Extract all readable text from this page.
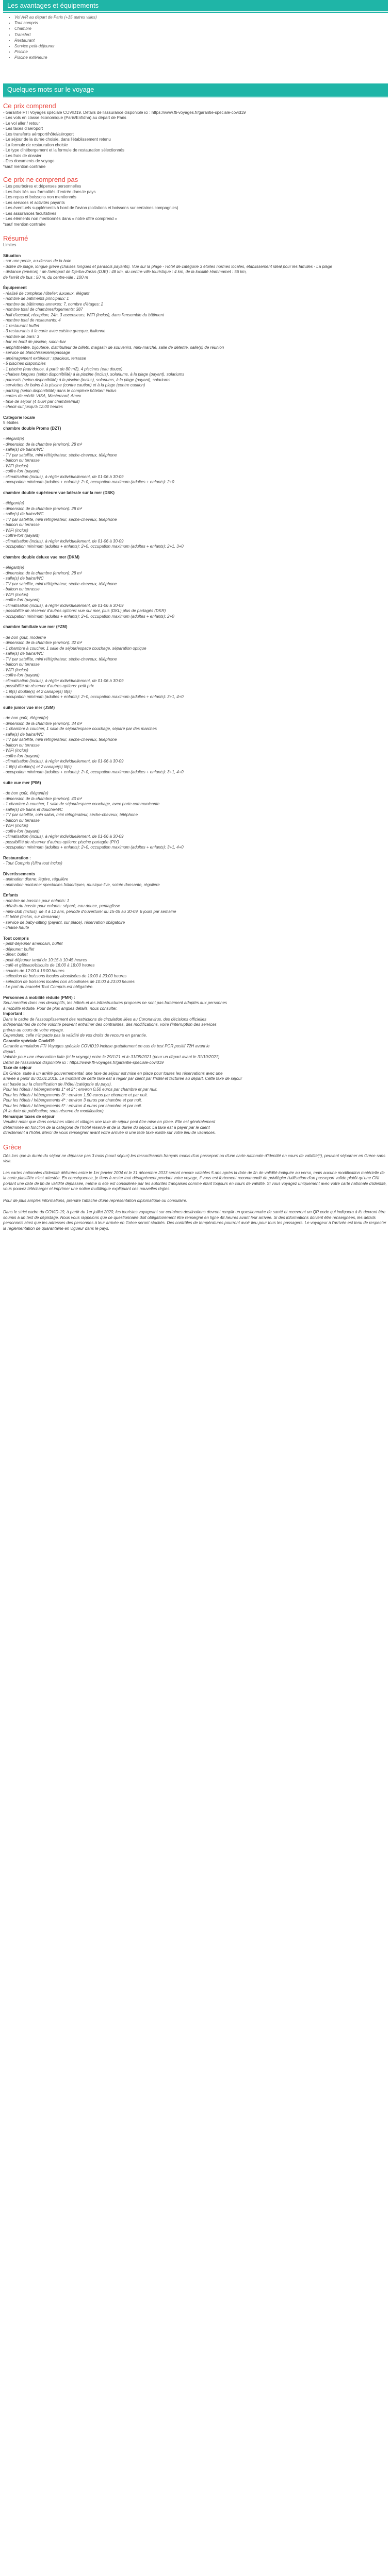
Les avantages et équipements
• Vol A/R au départ de Paris (+15 autres villes)
• Tout compris
• Chambre
• Transfert
• Restaurant
• Service petit-déjeuner
• Piscine
• Piscine extérieure
Quelques mots sur le voyage
Ce prix comprend

- Garantie FTI Voyages spéciale COVID19. Détails de l'assurance disponible ici : https://www.fti-voyages.fr/garantie-speciale-covid19

- Les vols en classe économique (Paris/Enfidha) au départ de Paris

- Le vol aller / retour

- Les taxes d'aéroport

- Les transferts aéroport/hôtel/aéroport

- Le séjour de la durée choisie, dans l'établissement retenu

- La formule de restauration choisie

- Le type d'hébergement et la formule de restauration sélectionnés

- Les frais de dossier

- Des documents de voyage

*sauf mention contraire

Ce prix ne comprend pas

- Les pourboires et dépenses personnelles

- Les frais liés aux formalités d'entrée dans le pays

- Les repas et boissons non mentionnés

- Les services et activités payants

- Les éventuels suppléments à bord de l'avion (collations et boissons sur certaines compagnies)

- Les assurances facultatives

- Les éléments non mentionnés dans « notre offre comprend »

*sauf mention contraire

Résumé

Limites

Situation

- sur une pente, au-dessus de la baie

- dotée de plage, longue grève (chaises longues et parasols payants). Vue sur la plage - Hôtel de catégorie 3 étoiles normes locales, établissement idéal pour les familles - La plage

- distance (environ) : de l'aéroport de Djerba-Zarzis (DJE) : 48 km, du centre-ville touristique : 4 km, de la localité Hammamet : 56 km,

de l'arrêt de bus : 50 m, du centre-ville : 100 m

Équipement

- réalisé de complexe hôtelier: luxueux, élégant

- nombre de bâtiments principaux: 1

- nombre de bâtiments annexes: 7, nombre d'étages: 2

- nombre total de chambres/logements: 387

- hall d'accueil, réception, 24h, 3 ascenseurs, WiFi (inclus), dans l'ensemble du bâtiment

- nombre total de restaurants: 4

- 1 restaurant buffet

- 3 restaurants à la carte avec cuisine grecque, italienne

- nombre de bars: 3

- bar en bord de piscine, salon-bar

- amphithéâtre, bijouterie, distributeur de billets, magasin de souvenirs, mini-marché, salle de détente, salle(s) de réunion

- service de blanchisserie/repassage

- aménagement extérieur : spacieux, terrasse

- 5 piscines disponibles

- 1 piscine (eau douce, à partir de 80 m2), 4 piscines (eau douce)

- chaises longues (selon disponibilité) à la piscine (inclus), solariums, à la plage (payant), solariums

- parasols (selon disponibilité) à la piscine (inclus), solariums, à la plage (payant), solariums

- serviettes de bains à la piscine (contre caution) et à la plage (contre caution)

- parking (selon disponibilité) dans le complexe hôtelier: inclus

- cartes de crédit: VISA, Mastercard, Amex

- taxe de séjour (4 EUR par chambre/nuit)

- check-out jusqu'à 12:00 heures

Catégorie locale

5 étoiles

chambre double Promo (DZT)

- élégant(e)

- dimension de la chambre (environ): 28 m²

- salle(s) de bains/WC

- TV par satellite, mini réfrigérateur, sèche-cheveux, téléphone

- balcon ou terrasse

- WiFi (inclus)

- coffre-fort (payant)

- climatisation (inclus), à régler individuellement, de 01-06 à 30-09

- occupation minimum (adultes + enfants): 2+0, occupation maximum (adultes + enfants): 2+0

chambre double supérieure vue latérale sur la mer (DSK)

- élégant(e)

- dimension de la chambre (environ): 28 m²

- salle(s) de bains/WC

- TV par satellite, mini réfrigérateur, sèche-cheveux, téléphone

- balcon ou terrasse

- WiFi (inclus)

- coffre-fort (payant)

- climatisation (inclus), à régler individuellement, de 01-06 à 30-09

- occupation minimum (adultes + enfants): 2+0, occupation maximum (adultes + enfants): 2+1, 3+0

chambre double deluxe vue mer (DKM)

- élégant(e)

- dimension de la chambre (environ): 28 m²

- salle(s) de bains/WC

- TV par satellite, mini réfrigérateur, sèche-cheveux, téléphone

- balcon ou terrasse

- WiFi (inclus)

- coffre-fort (payant)

- climatisation (inclus), à régler individuellement, de 01-06 à 30-09

- possibilité de réserver d'autres options: vue sur mer, plus (DKL) plus de partagés (DKR)

- occupation minimum (adultes + enfants): 2+0, occupation maximum (adultes + enfants): 2+0

chambre familiale vue mer (FZM)

- de bon goût, moderne

- dimension de la chambre (environ): 32 m²

- 1 chambre à coucher, 1 salle de séjour/espace couchage, séparation optique

- salle(s) de bains/WC

- TV par satellite, mini réfrigérateur, sèche-cheveux, téléphone

- balcon ou terrasse

- WiFi (inclus)

- coffre-fort (payant)

- climatisation (inclus), à régler individuellement, de 01-06 à 30-09

- possibilité de réserver d'autres options: petit prix

- 1 lit(s) double(s) et 2 canapé(s) lit(s)

- occupation minimum (adultes + enfants): 2+0, occupation maximum (adultes + enfants): 3+1, 4+0

suite junior vue mer (JSM)

- de bon goût, élégant(e)

- dimension de la chambre (environ): 34 m²

- 1 chambre à coucher, 1 salle de séjour/espace couchage, séparé par des marches

- salle(s) de bains/WC

- TV par satellite, mini réfrigérateur, sèche-cheveux, téléphone

- balcon ou terrasse

- WiFi (inclus)

- coffre-fort (payant)

- climatisation (inclus), à régler individuellement, de 01-06 à 30-09

- 1 lit(s) double(s) et 2 canapé(s) lit(s)

- occupation minimum (adultes + enfants): 2+0, occupation maximum (adultes + enfants): 3+1, 4+0

suite vue mer (PIM)

- de bon goût, élégant(e)

- dimension de la chambre (environ): 40 m²

- 1 chambre à coucher, 1 salle de séjour/espace couchage, avec porte communicante

- salle(s) de bains et douche/WC

- TV par satellite, coin salon, mini réfrigérateur, sèche-cheveux, téléphone

- balcon ou terrasse

- WiFi (inclus)

- coffre-fort (payant)

- climatisation (inclus), à régler individuellement, de 01-06 à 30-09

- possibilité de réserver d'autres options: piscine partagée (PIY)

- occupation minimum (adultes + enfants): 2+0, occupation maximum (adultes + enfants): 3+1, 4+0

Restauration :

- Tout Compris (Ultra tout inclus)

Divertissements

- animation diurne: légère, régulière

- animation nocturne: spectacles folkloriques, musique live, soirée dansante, régulière

Enfants

- nombre de bassins pour enfants: 1

- détails du bassin pour enfants: séparé, eau douce, pentaglisse

- mini-club (inclus), de 4 à 12 ans, période d'ouverture: du 15-05 au 30-09, 6 jours par semaine

- lit bébé (inclus, sur demande)

- service de baby-sitting (payant, sur place), réservation obligatoire

- chaise haute

Tout compris

- petit-déjeuner américain, buffet

- déjeuner: buffet

- dîner: buffet

- petit-déjeuner tardif de 10:15 à 10:45 heures

- café et gâteaux/biscuits de 16:00 à 18:00 heures

- snacks de 12:00 à 16:00 heures

- sélection de boissons locales alcoolisées de 10:00 à 23:00 heures

- sélection de boissons locales non alcoolisées de 10:00 à 23:00 heures

- Le port du bracelet Tout Compris est obligatoire.

Personnes à mobilité réduite (PMR) :

Seul mention dans nos descriptifs, les hôtels et les infrastructures proposés ne sont pas forcément adaptés aux personnes

à mobilité réduite. Pour de plus amples détails, nous consulter.

Important :

Dans le cadre de l'assouplissement des restrictions de circulation liées au Coronavirus, des décisions officielles

indépendantes de notre volonté peuvent entraîner des contraintes, des modifications, voire l'interruption des services

prévus au cours de votre voyage.

Cependant, celle n'impacte pas la validité de vos droits de recours en garantie.

Garantie spéciale Covid19

Garantie annulation FTI Voyages spéciale COVID19 incluse gratuitement en cas de test PCR positif 72H avant le

départ.

Valable pour une réservation faite (et le voyage) entre le 29/1/21 et le 31/05/2021 (pour un départ avant le 31/10/2021).

Détail de l'assurance disponible ici : https://www.fti-voyages.fr/garantie-speciale-covid19

Taxe de séjour

En Grèce, suite à un arrêté gouvernemental, une taxe de séjour est mise en place pour toutes les réservations avec une

arrivée à partir du 01.01.2018. Le montant de cette taxe est à régler par client par l'hôtel et facturée au départ. Cette taxe de séjour

est basée sur la classification de l'hôtel (catégorie du pays).

Pour les hôtels / hébergements 1* et 2* : environ 0,50 euros par chambre et par nuit.

Pour les hôtels / hébergements 3* : environ 1,50 euros par chambre et par nuit.

Pour les hôtels / hébergements 4* : environ 3 euros par chambre et par nuit.

Pour les hôtels / hébergements 5* : environ 4 euros par chambre et par nuit.

(À la date de publication, sous réserve de modification).

Remarque taxes de séjour

Veuillez noter que dans certaines villes et villages une taxe de séjour peut être mise en place. Elle est généralement

déterminée en fonction de la catégorie de l'hôtel réservé et de la durée du séjour. La taxe est à payer par le client

directement à l'hôtel. Merci de vous renseigner avant votre arrivée si une telle taxe existe sur votre lieu de vacances.

Grèce

Dès lors que la durée du séjour ne dépasse pas 3 mois (court séjour) les ressortissants français munis d'un passeport ou d'une carte nationale d'identité en cours de validité(*), peuvent séjourner en Grèce sans visa.

Les cartes nationales d'identité délivrées entre le 1er janvier 2004 et le 31 décembre 2013 seront encore valables 5 ans après la date de fin de validité indiquée au verso, mais aucune modification matérielle de la carte plastifiée n'est attestée. En conséquence, je tiens à rester tout désagrément pendant votre voyage, il vous est fortement recommandé de privilégier l'utilisation d'un passeport valide plutôt qu'une CNI portant une date de fin de validité dépassée, même si elle est considérée par les autorités françaises comme étant toujours en cours de validité. Si vous voyagez uniquement avec votre carte nationale d'identité, vous pouvez télécharger et imprimer une notice multilingue expliquant ces nouvelles règles.

Pour de plus amples informations, prendre l'attache d'une représentation diplomatique ou consulaire.

Dans le strict cadre du COVID-19, à partir du 1er juillet 2020, les touristes voyageant sur certaines destinations devront remplir un questionnaire de santé et recevront un QR code qui indiquera à ils devront être soumis à un test de dépistage. Nous vous rappelons que ce questionnaire doit obligatoirement être renseigné en ligne 48 heures avant leur arrivée. Si des informations doivent être renseignées, les détails personnels ainsi que les adresses des personnes à leur arrivée en Grèce seront stockés. Des contrôles de températures pourront avoir lieu pour tous les passagers. Le voyageur à l'arrivée est tenu de respecter la règlementation de quarantaine en vigueur dans le pays.
